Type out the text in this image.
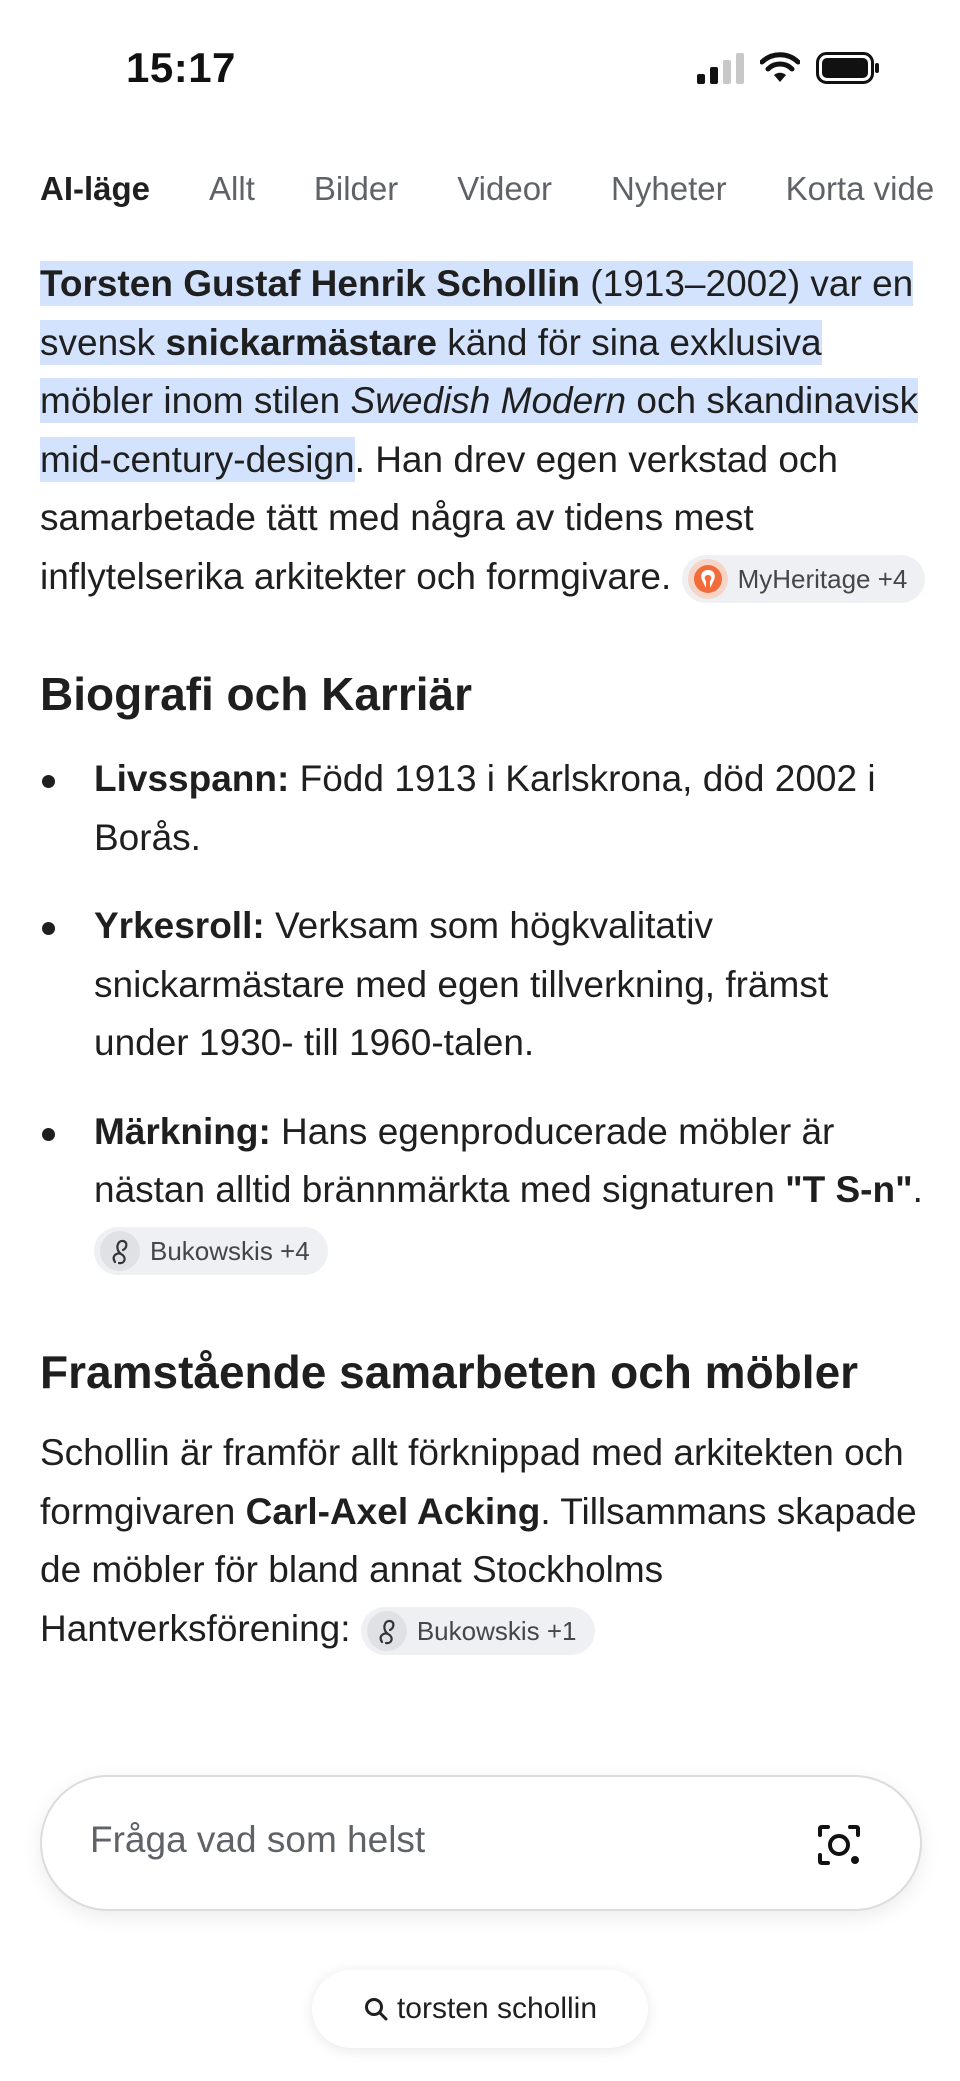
15:17
AI-läge Allt Bilder Videor Nyheter Korta vide

Torsten Gustaf Henrik Schollin (1913–2002) var en svensk snickarmästare känd för sina exklusiva möbler inom stilen Swedish Modern och skandinavisk mid-century-design. Han drev egen verkstad och samarbetade tätt med några av tidens mest inflytelserika arkitekter och formgivare.	MyHeritage +4

Biografi och Karriär
Livsspann: Född 1913 i Karlskrona, död 2002 i Borås.
Yrkesroll: Verksam som högkvalitativ snickarmästare med egen tillverkning, främst under 1930- till 1960-talen.
Märkning: Hans egenproducerade möbler är nästan alltid brännmärkta med signaturen "T S-n".
Bukowskis +4
Framstående samarbeten och möbler

Schollin är framför allt förknippad med arkitekten och formgivaren Carl-Axel Acking. Tillsammans skapade de möbler för bland annat Stockholms Hantverksförening:	Bukowskis +1

Fråga vad som helst
torsten schollin
